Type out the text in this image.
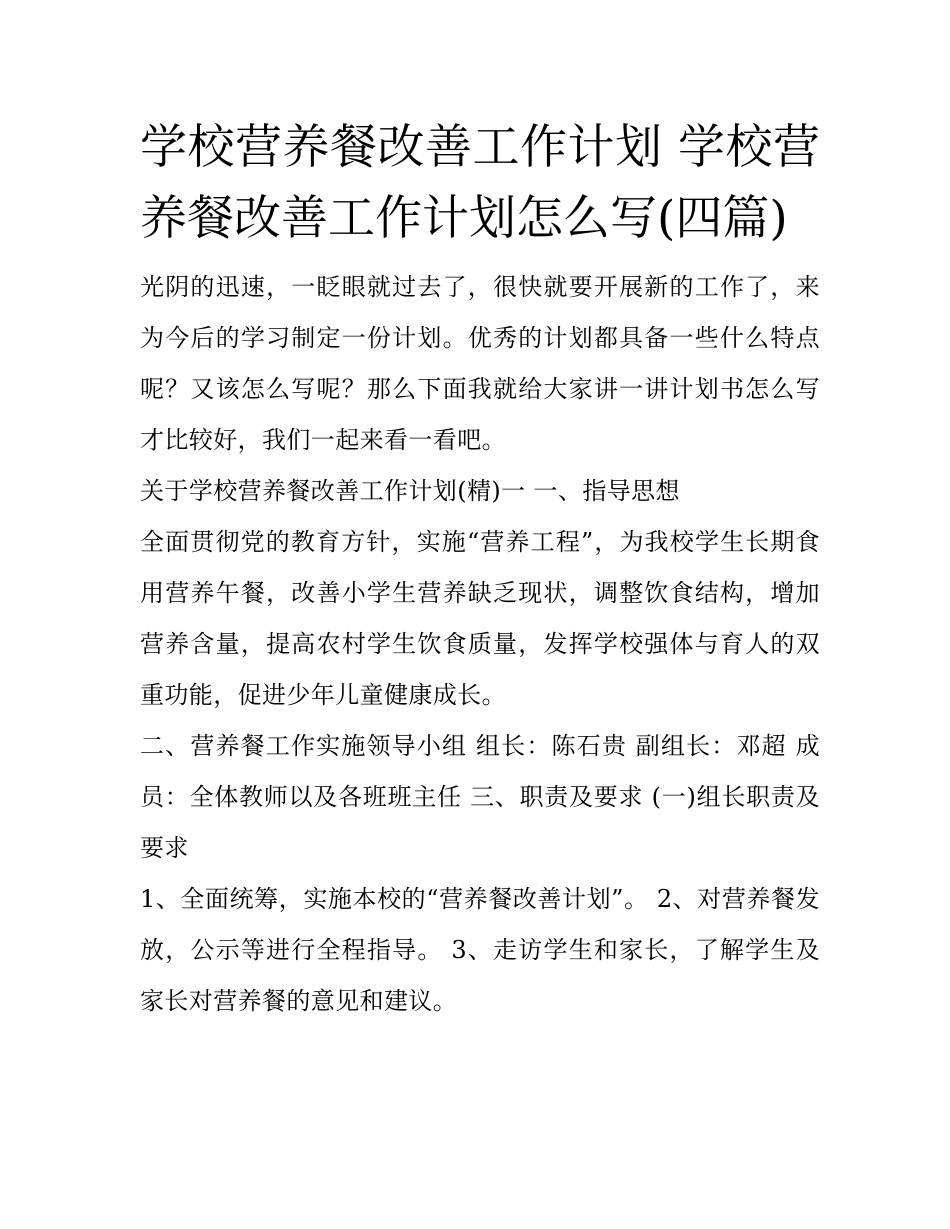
学校营养餐改善工作计划 学校营养餐改善工作计划怎么写(四篇)

光阴的迅速，一眨眼就过去了，很快就要开展新的工作了，来为今后的学习制定一份计划。优秀的计划都具备一些什么特点呢？又该怎么写呢？那么下面我就给大家讲一讲计划书怎么写才比较好，我们一起来看一看吧。

关于学校营养餐改善工作计划(精)一 一、指导思想

全面贯彻党的教育方针，实施“营养工程”，为我校学生长期食用营养午餐，改善小学生营养缺乏现状，调整饮食结构，增加营养含量，提高农村学生饮食质量，发挥学校强体与育人的双重功能，促进少年儿童健康成长。

二、营养餐工作实施领导小组 组长：陈石贵 副组长：邓超 成员：全体教师以及各班班主任 三、职责及要求 (一)组长职责及要求

1、全面统筹，实施本校的“营养餐改善计划”。 2、对营养餐发放，公示等进行全程指导。 3、走访学生和家长，了解学生及家长对营养餐的意见和建议。
